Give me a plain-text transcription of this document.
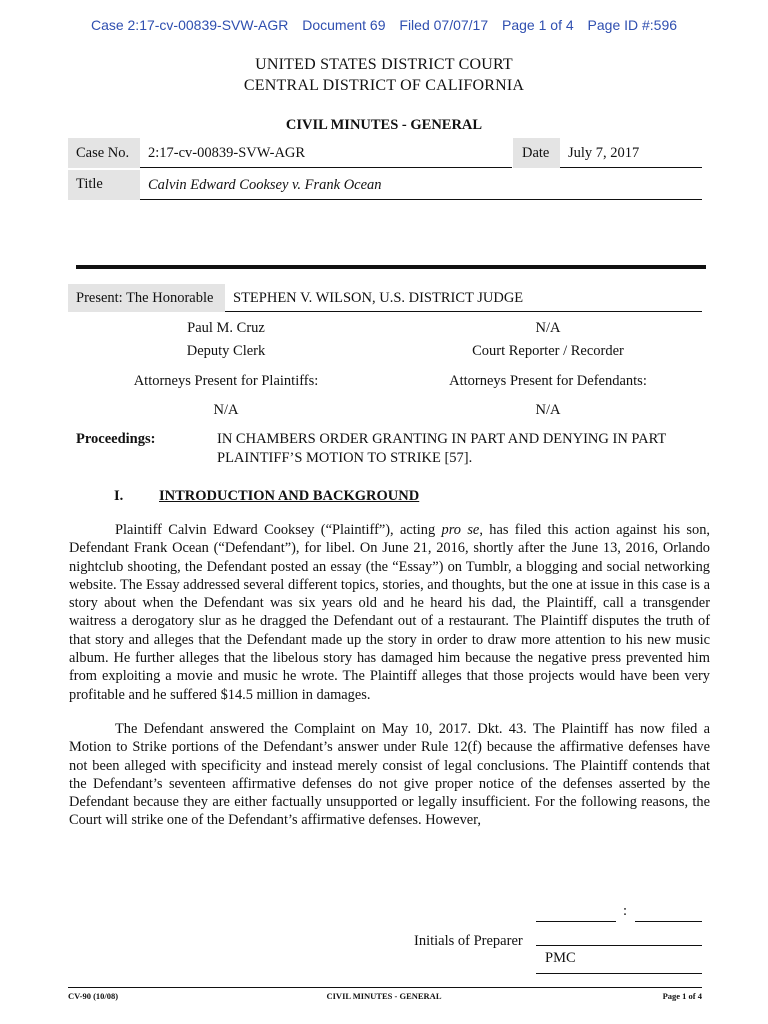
Case 2:17-cv-00839-SVW-AGR Document 69 Filed 07/07/17 Page 1 of 4 Page ID #:596
UNITED STATES DISTRICT COURT
CENTRAL DISTRICT OF CALIFORNIA
CIVIL MINUTES - GENERAL
Case No. 2:17-cv-00839-SVW-AGR	Date July 7, 2017
Title	Calvin Edward Cooksey v. Frank Ocean
Present: The Honorable STEPHEN V. WILSON, U.S. DISTRICT JUDGE
Paul M. Cruz
Deputy Clerk
N/A
Court Reporter / Recorder
Attorneys Present for Plaintiffs:	Attorneys Present for Defendants:
N/A	N/A
Proceedings:	IN CHAMBERS ORDER GRANTING IN PART AND DENYING IN PART
PLAINTIFF’S MOTION TO STRIKE [57].
I. INTRODUCTION AND BACKGROUND

Plaintiff Calvin Edward Cooksey (“Plaintiff”), acting pro se, has filed this action against his son, Defendant Frank Ocean (“Defendant”), for libel. On June 21, 2016, shortly after the June 13, 2016, Orlando nightclub shooting, the Defendant posted an essay (the “Essay”) on Tumblr, a blogging and social networking website. The Essay addressed several different topics, stories, and thoughts, but the one at issue in this case is a story about when the Defendant was six years old and he heard his dad, the Plaintiff, call a transgender waitress a derogatory slur as he dragged the Defendant out of a restaurant. The Plaintiff disputes the truth of that story and alleges that the Defendant made up the story in order to draw more attention to his new music album. He further alleges that the libelous story has damaged him because the negative press prevented him from exploiting a movie and music he wrote. The Plaintiff alleges that those projects would have been very profitable and he suffered $14.5 million in damages.

The Defendant answered the Complaint on May 10, 2017. Dkt. 43. The Plaintiff has now filed a Motion to Strike portions of the Defendant’s answer under Rule 12(f) because the affirmative defenses have not been alleged with specificity and instead merely consist of legal conclusions. The Plaintiff contends that the Defendant’s seventeen affirmative defenses do not give proper notice of the defenses asserted by the Defendant because they are either factually unsupported or legally insufficient. For the following reasons, the Court will strike one of the Defendant’s affirmative defenses. However,

:
Initials of Preparer
PMC
CV-90 (10/08)	CIVIL MINUTES - GENERAL	Page 1 of 4
